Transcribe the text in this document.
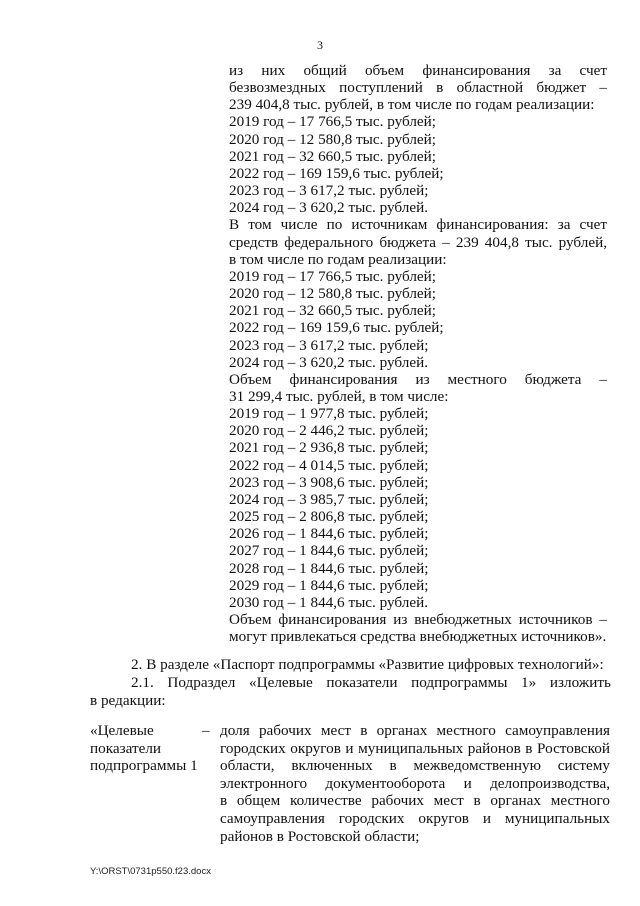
3
из них общий объем финансирования за счет
безвозмездных поступлений в областной бюджет –
239 404,8 тыс. рублей, в том числе по годам реализации:
2019 год – 17 766,5 тыс. рублей;
2020 год – 12 580,8 тыс. рублей;
2021 год – 32 660,5 тыс. рублей;
2022 год – 169 159,6 тыс. рублей;
2023 год – 3 617,2 тыс. рублей;
2024 год – 3 620,2 тыс. рублей.
В том числе по источникам финансирования: за счет
средств федерального бюджета – 239 404,8 тыс. рублей,
в том числе по годам реализации:
2019 год – 17 766,5 тыс. рублей;
2020 год – 12 580,8 тыс. рублей;
2021 год – 32 660,5 тыс. рублей;
2022 год – 169 159,6 тыс. рублей;
2023 год – 3 617,2 тыс. рублей;
2024 год – 3 620,2 тыс. рублей.
Объем финансирования из местного бюджета –
31 299,4 тыс. рублей, в том числе:
2019 год – 1 977,8 тыс. рублей;
2020 год – 2 446,2 тыс. рублей;
2021 год – 2 936,8 тыс. рублей;
2022 год – 4 014,5 тыс. рублей;
2023 год – 3 908,6 тыс. рублей;
2024 год – 3 985,7 тыс. рублей;
2025 год – 2 806,8 тыс. рублей;
2026 год – 1 844,6 тыс. рублей;
2027 год – 1 844,6 тыс. рублей;
2028 год – 1 844,6 тыс. рублей;
2029 год – 1 844,6 тыс. рублей;
2030 год – 1 844,6 тыс. рублей.
Объем финансирования из внебюджетных источников –
могут привлекаться средства внебюджетных источников».
2. В разделе «Паспорт подпрограммы «Развитие цифровых технологий»:
2.1. Подраздел «Целевые показатели подпрограммы 1» изложить
в редакции:
«Целевые
показатели
подпрограммы 1
– доля рабочих мест в органах местного самоуправления
городских округов и муниципальных районов в Ростовской
области, включенных в межведомственную систему
электронного документооборота и делопроизводства,
в общем количестве рабочих мест в органах местного
самоуправления городских округов и муниципальных
районов в Ростовской области;
Y:\ORST\0731p550.f23.docx
